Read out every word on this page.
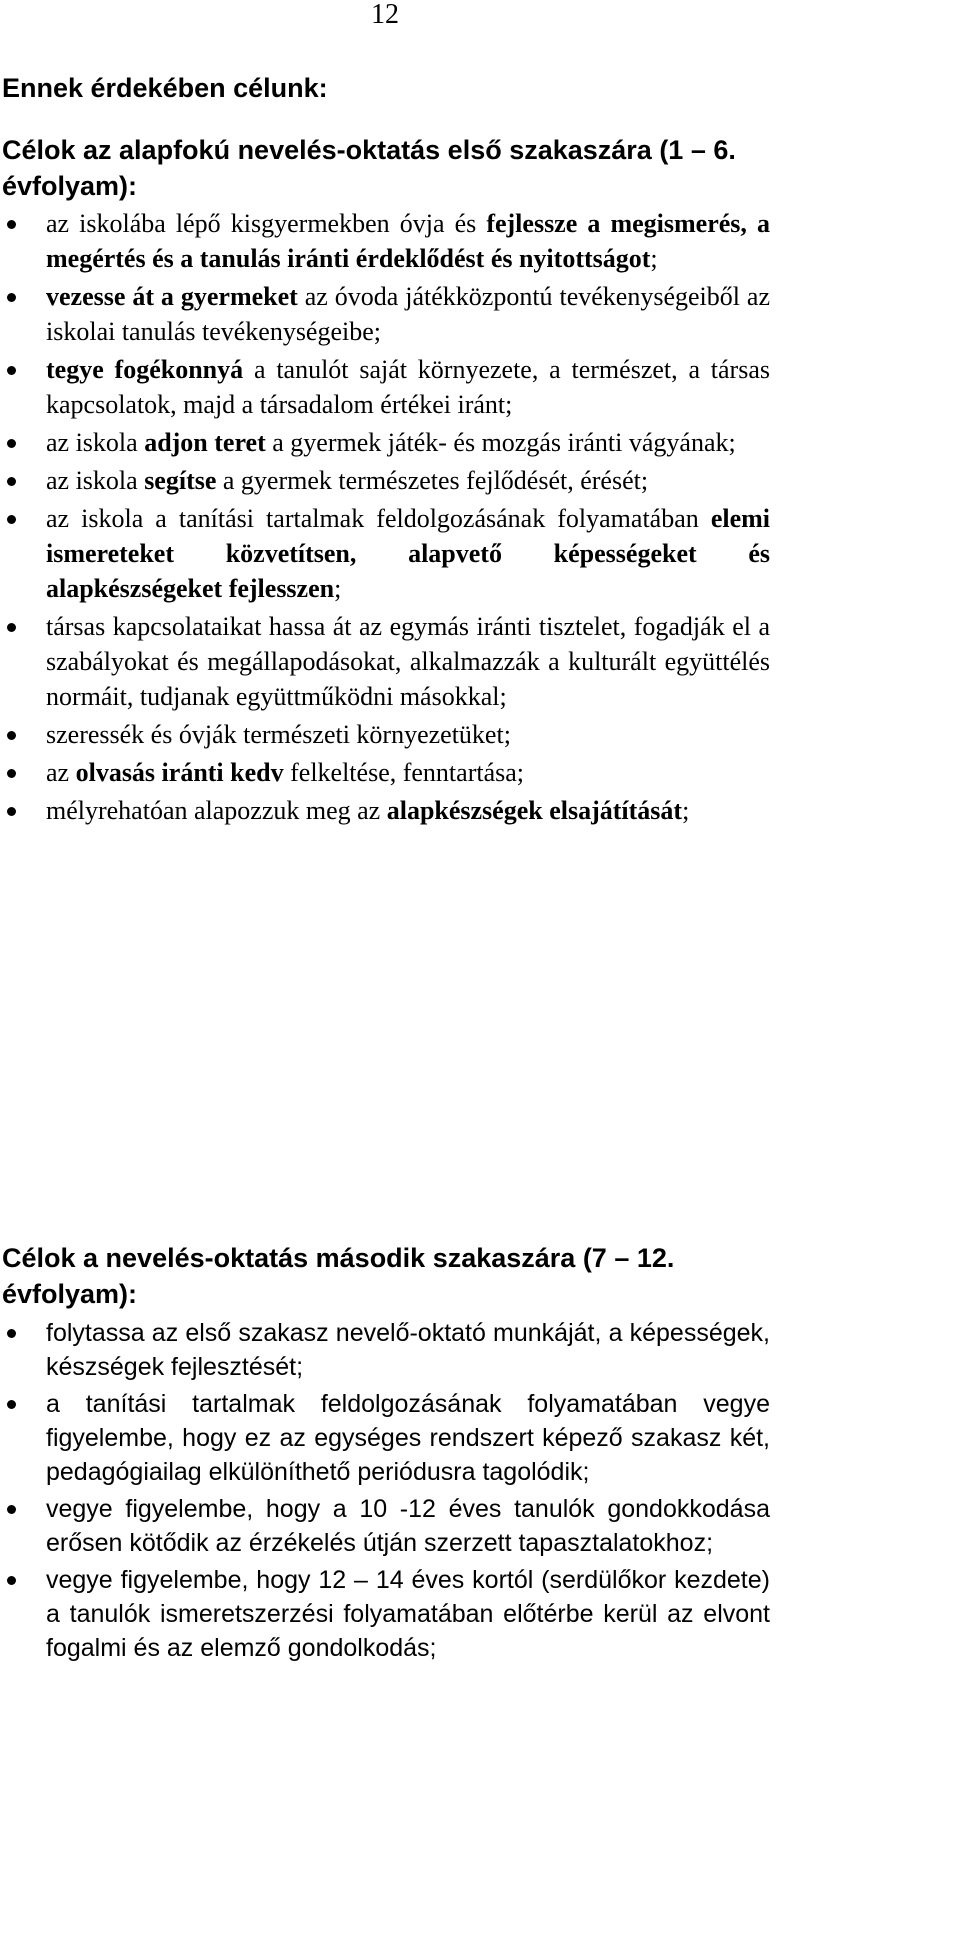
12
Ennek érdekében célunk:
Célok az alapfokú nevelés-oktatás első szakaszára (1 – 6. évfolyam):
az iskolába lépő kisgyermekben óvja és fejlessze a megismerés, a megértés és a tanulás iránti érdeklődést és nyitottságot;
vezesse át a gyermeket az óvoda játékközpontú tevékenységeiből az iskolai tanulás tevékenységeibe;
tegye fogékonnyá a tanulót saját környezete, a természet, a társas kapcsolatok, majd a társadalom értékei iránt;
az iskola adjon teret a gyermek játék- és mozgás iránti vágyának;
az iskola segítse a gyermek természetes fejlődését, érését;
az iskola a tanítási tartalmak feldolgozásának folyamatában elemi ismereteket közvetítsen, alapvető képességeket és alapkészségeket fejlesszen;
társas kapcsolataikat hassa át az egymás iránti tisztelet, fogadják el a szabályokat és megállapodásokat, alkalmazzák a kulturált együttélés normáit, tudjanak együttműködni másokkal;
szeressék és óvják természeti környezetüket;
az olvasás iránti kedv felkeltése, fenntartása;
mélyrehatóan alapozzuk meg az alapkészségek elsajátítását;
Célok a nevelés-oktatás második szakaszára (7 – 12. évfolyam):
folytassa az első szakasz nevelő-oktató munkáját, a képességek, készségek fejlesztését;
a tanítási tartalmak feldolgozásának folyamatában vegye figyelembe, hogy ez az egységes rendszert képező szakasz két, pedagógiailag elkülöníthető periódusra tagolódik;
vegye figyelembe, hogy a 10 -12 éves tanulók gondokkodása erősen kötődik az érzékelés útján szerzett tapasztalatokhoz;
vegye figyelembe, hogy 12 – 14 éves kortól (serdülőkor kezdete) a tanulók ismeretszerzési folyamatában előtérbe kerül az elvont fogalmi és az elemző gondolkodás;
